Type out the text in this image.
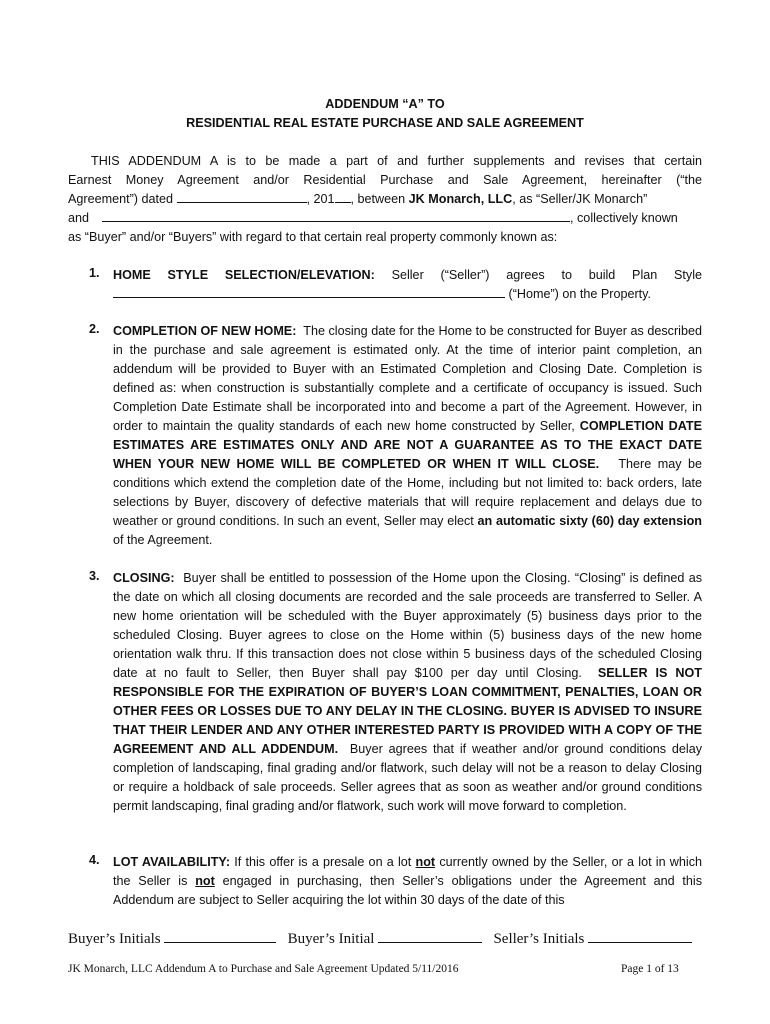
ADDENDUM “A” TO
RESIDENTIAL REAL ESTATE PURCHASE AND SALE AGREEMENT
THIS ADDENDUM A is to be made a part of and further supplements and revises that certain
Earnest Money Agreement and/or Residential Purchase and Sale Agreement, hereinafter (“the
Agreement”) dated	, 201 , between JK Monarch, LLC, as “Seller/JK Monarch”
and	, collectively known
as “Buyer” and/or “Buyers” with regard to that certain real property commonly known as:
1. HOME STYLE SELECTION/ELEVATION: Seller (“Seller”) agrees to build Plan Style
(“Home”) on the Property.
2. COMPLETION OF NEW HOME: The closing date for the Home to be constructed for Buyer as described in the purchase and sale agreement is estimated only. At the time of interior paint completion, an addendum will be provided to Buyer with an Estimated Completion and Closing Date. Completion is defined as: when construction is substantially complete and a certificate of occupancy is issued. Such Completion Date Estimate shall be incorporated into and become a part of the Agreement. However, in order to maintain the quality standards of each new home constructed by Seller, COMPLETION DATE ESTIMATES ARE ESTIMATES ONLY AND ARE NOT A GUARANTEE AS TO THE EXACT DATE WHEN YOUR NEW HOME WILL BE COMPLETED OR WHEN IT WILL CLOSE. There may be conditions which extend the completion date of the Home, including but not limited to: back orders, late selections by Buyer, discovery of defective materials that will require replacement and delays due to weather or ground conditions. In such an event, Seller may elect an automatic sixty (60) day extension of the Agreement.
3. CLOSING: Buyer shall be entitled to possession of the Home upon the Closing. “Closing” is defined as the date on which all closing documents are recorded and the sale proceeds are transferred to Seller. A new home orientation will be scheduled with the Buyer approximately (5) business days prior to the scheduled Closing. Buyer agrees to close on the Home within (5) business days of the new home orientation walk thru. If this transaction does not close within 5 business days of the scheduled Closing date at no fault to Seller, then Buyer shall pay $100 per day until Closing. SELLER IS NOT RESPONSIBLE FOR THE EXPIRATION OF BUYER’S LOAN COMMITMENT, PENALTIES, LOAN OR OTHER FEES OR LOSSES DUE TO ANY DELAY IN THE CLOSING. BUYER IS ADVISED TO INSURE THAT THEIR LENDER AND ANY OTHER INTERESTED PARTY IS PROVIDED WITH A COPY OF THE AGREEMENT AND ALL ADDENDUM. Buyer agrees that if weather and/or ground conditions delay completion of landscaping, final grading and/or flatwork, such delay will not be a reason to delay Closing or require a holdback of sale proceeds. Seller agrees that as soon as weather and/or ground conditions permit landscaping, final grading and/or flatwork, such work will move forward to completion.
4. LOT AVAILABILITY: If this offer is a presale on a lot not currently owned by the Seller, or a lot in which the Seller is not engaged in purchasing, then Seller’s obligations under the Agreement and this Addendum are subject to Seller acquiring the lot within 30 days of the date of this
Buyer’s Initials	Buyer’s Initial	Seller’s Initials
JK Monarch, LLC Addendum A to Purchase and Sale Agreement Updated 5/11/2016	Page 1 of 13
